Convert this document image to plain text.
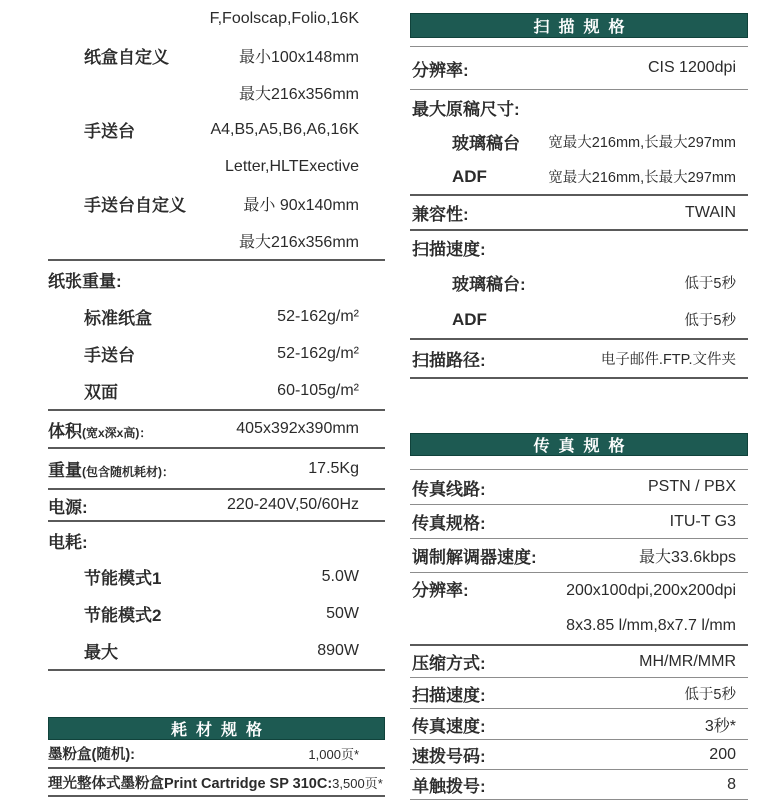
F,Foolscap,Folio,16K
纸盒自定义	最小100x148mm
最大216x356mm
手送台	A4,B5,A5,B6,A6,16K
Letter,HLTExective
手送台自定义	最小 90x140mm
最大216x356mm
纸张重量:
标准纸盒	52-162g/m²
手送台	52-162g/m²
双面	60-105g/m²
体积(宽x深x高)：	405x392x390mm
重量(包含随机耗材)：	17.5Kg
电源:	220-240V,50/60Hz
电耗:
节能模式1	5.0W
节能模式2	50W
最大	890W
耗材规格
墨粉盒(随机):	1,000页*
理光整体式墨粉盒Print Cartridge SP 310C: 3,500页*
扫描规格
分辨率:	CIS 1200dpi
最大原稿尺寸:
玻璃稿台 宽最大216mm,长最大297mm
ADF	宽最大216mm,长最大297mm
兼容性:	TWAIN
扫描速度:
玻璃稿台:	低于5秒
ADF	低于5秒
扫描路径:	电子邮件.FTP.文件夹
传真规格
传真线路:	PSTN / PBX
传真规格:	ITU-T G3
调制解调器速度:	最大33.6kbps
分辨率:	200x100dpi,200x200dpi
8x3.85 l/mm,8x7.7 l/mm
压缩方式:	MH/MR/MMR
扫描速度:	低于5秒
传真速度:	3秒*
速拨号码:	200
单触拨号:	8
